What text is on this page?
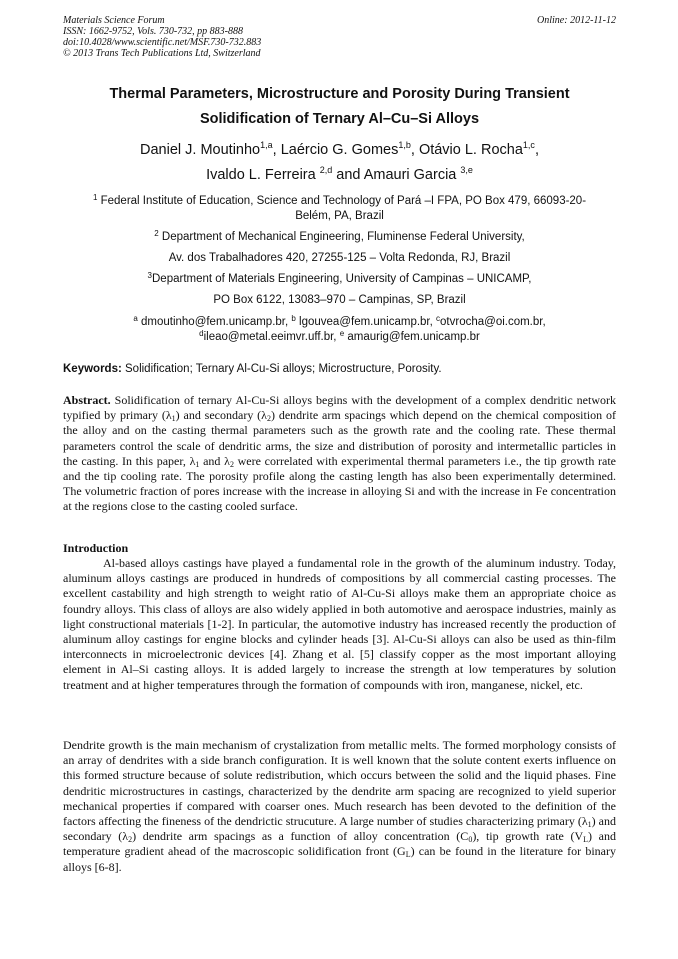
Materials Science Forum
ISSN: 1662-9752, Vols. 730-732, pp 883-888
doi:10.4028/www.scientific.net/MSF.730-732.883
© 2013 Trans Tech Publications Ltd, Switzerland
Online: 2012-11-12
Thermal Parameters, Microstructure and Porosity During Transient
Solidification of Ternary Al–Cu–Si Alloys
Daniel J. Moutinho$^{1,a}$, Laércio G. Gomes$^{1,b}$, Otávio L. Rocha$^{1,c}$,
Ivaldo L. Ferreira $^{2,d}$ and Amauri Garcia $^{3,e}$
$^1$ Federal Institute of Education, Science and Technology of Pará –I FPA, PO Box 479, 66093-20-
Belém, PA, Brazil
$^2$ Department of Mechanical Engineering, Fluminense Federal University,
Av. dos Trabalhadores 420, 27255-125 – Volta Redonda, RJ, Brazil
$^3$Department of Materials Engineering, University of Campinas – UNICAMP,
PO Box 6122, 13083–970 – Campinas, SP, Brazil
$^a$ dmoutinho@fem.unicamp.br, $^b$ lgouvea@fem.unicamp.br, $^c$otvrocha@oi.com.br,
$^d$ileao@metal.eeimvr.uff.br, $^e$ amaurig@fem.unicamp.br
Keywords: Solidification; Ternary Al-Cu-Si alloys; Microstructure, Porosity.
Abstract. Solidification of ternary Al-Cu-Si alloys begins with the development of a complex dendritic network typified by primary $(\lambda_1)$ and secondary $(\lambda_2)$ dendrite arm spacings which depend on the chemical composition of the alloy and on the casting thermal parameters such as the growth rate and the cooling rate. These thermal parameters control the scale of dendritic arms, the size and distribution of porosity and intermetallic particles in the casting. In this paper, $\lambda_1$ and $\lambda_2$ were correlated with experimental thermal parameters i.e., the tip growth rate and the tip cooling rate. The porosity profile along the casting length has also been experimentally determined. The volumetric fraction of pores increase with the increase in alloying Si and with the increase in Fe concentration at the regions close to the casting cooled surface.
Introduction
Al-based alloys castings have played a fundamental role in the growth of the aluminum industry. Today, aluminum alloys castings are produced in hundreds of compositions by all commercial casting processes. The excellent castability and high strength to weight ratio of Al-Cu-Si alloys make them an appropriate choice as foundry alloys. This class of alloys are also widely applied in both automotive and aerospace industries, mainly as light constructional materials [1-2]. In particular, the automotive industry has increased recently the production of aluminum alloy castings for engine blocks and cylinder heads [3]. Al-Cu-Si alloys can also be used as thin-film interconnects in microelectronic devices [4]. Zhang et al. [5] classify copper as the most important alloying element in Al–Si casting alloys. It is added largely to increase the strength at low temperatures by solution treatment and at higher temperatures through the formation of compounds with iron, manganese, nickel, etc.
Dendrite growth is the main mechanism of crystalization from metallic melts. The formed morphology consists of an array of dendrites with a side branch configuration. It is well known that the solute content exerts influence on this formed structure because of solute redistribution, which occurs between the solid and the liquid phases. Fine dendritic microstructures in castings, characterized by the dendrite arm spacing are recognized to yield superior mechanical properties if compared with coarser ones. Much research has been devoted to the definition of the factors affecting the fineness of the dendrictic strucuture. A large number of studies characterizing primary $(\lambda_1)$ and secondary $(\lambda_2)$ dendrite arm spacings as a function of alloy concentration $(C_0)$, tip growth rate $(V_L)$ and temperature gradient ahead of the macroscopic solidification front $(G_L)$ can be found in the literature for binary alloys [6-8].
